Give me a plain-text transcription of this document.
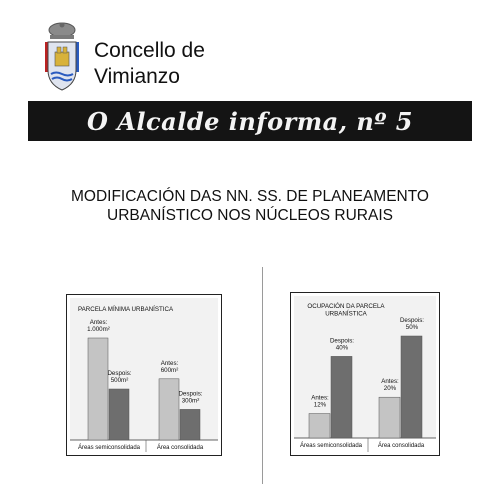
Concello de
Vimianzo
O Alcalde informa, nº 5
MODIFICACIÓN DAS NN. SS. DE PLANEAMENTO
URBANÍSTICO NOS NÚCLEOS RURAIS
PARCELA MÍNIMA URBANÍSTICA
Antes: 1.000m²
Despois: 500m²
Áreas semiconsolidada
Antes: 600m²
Despois: 300m²
Área consolidada
OCUPACIÓN DA PARCELA URBANÍSTICA
Antes: 12%
Despois: 40%
Áreas semiconsolidada
Antes: 20%
Despois: 50%
Área consolidada
